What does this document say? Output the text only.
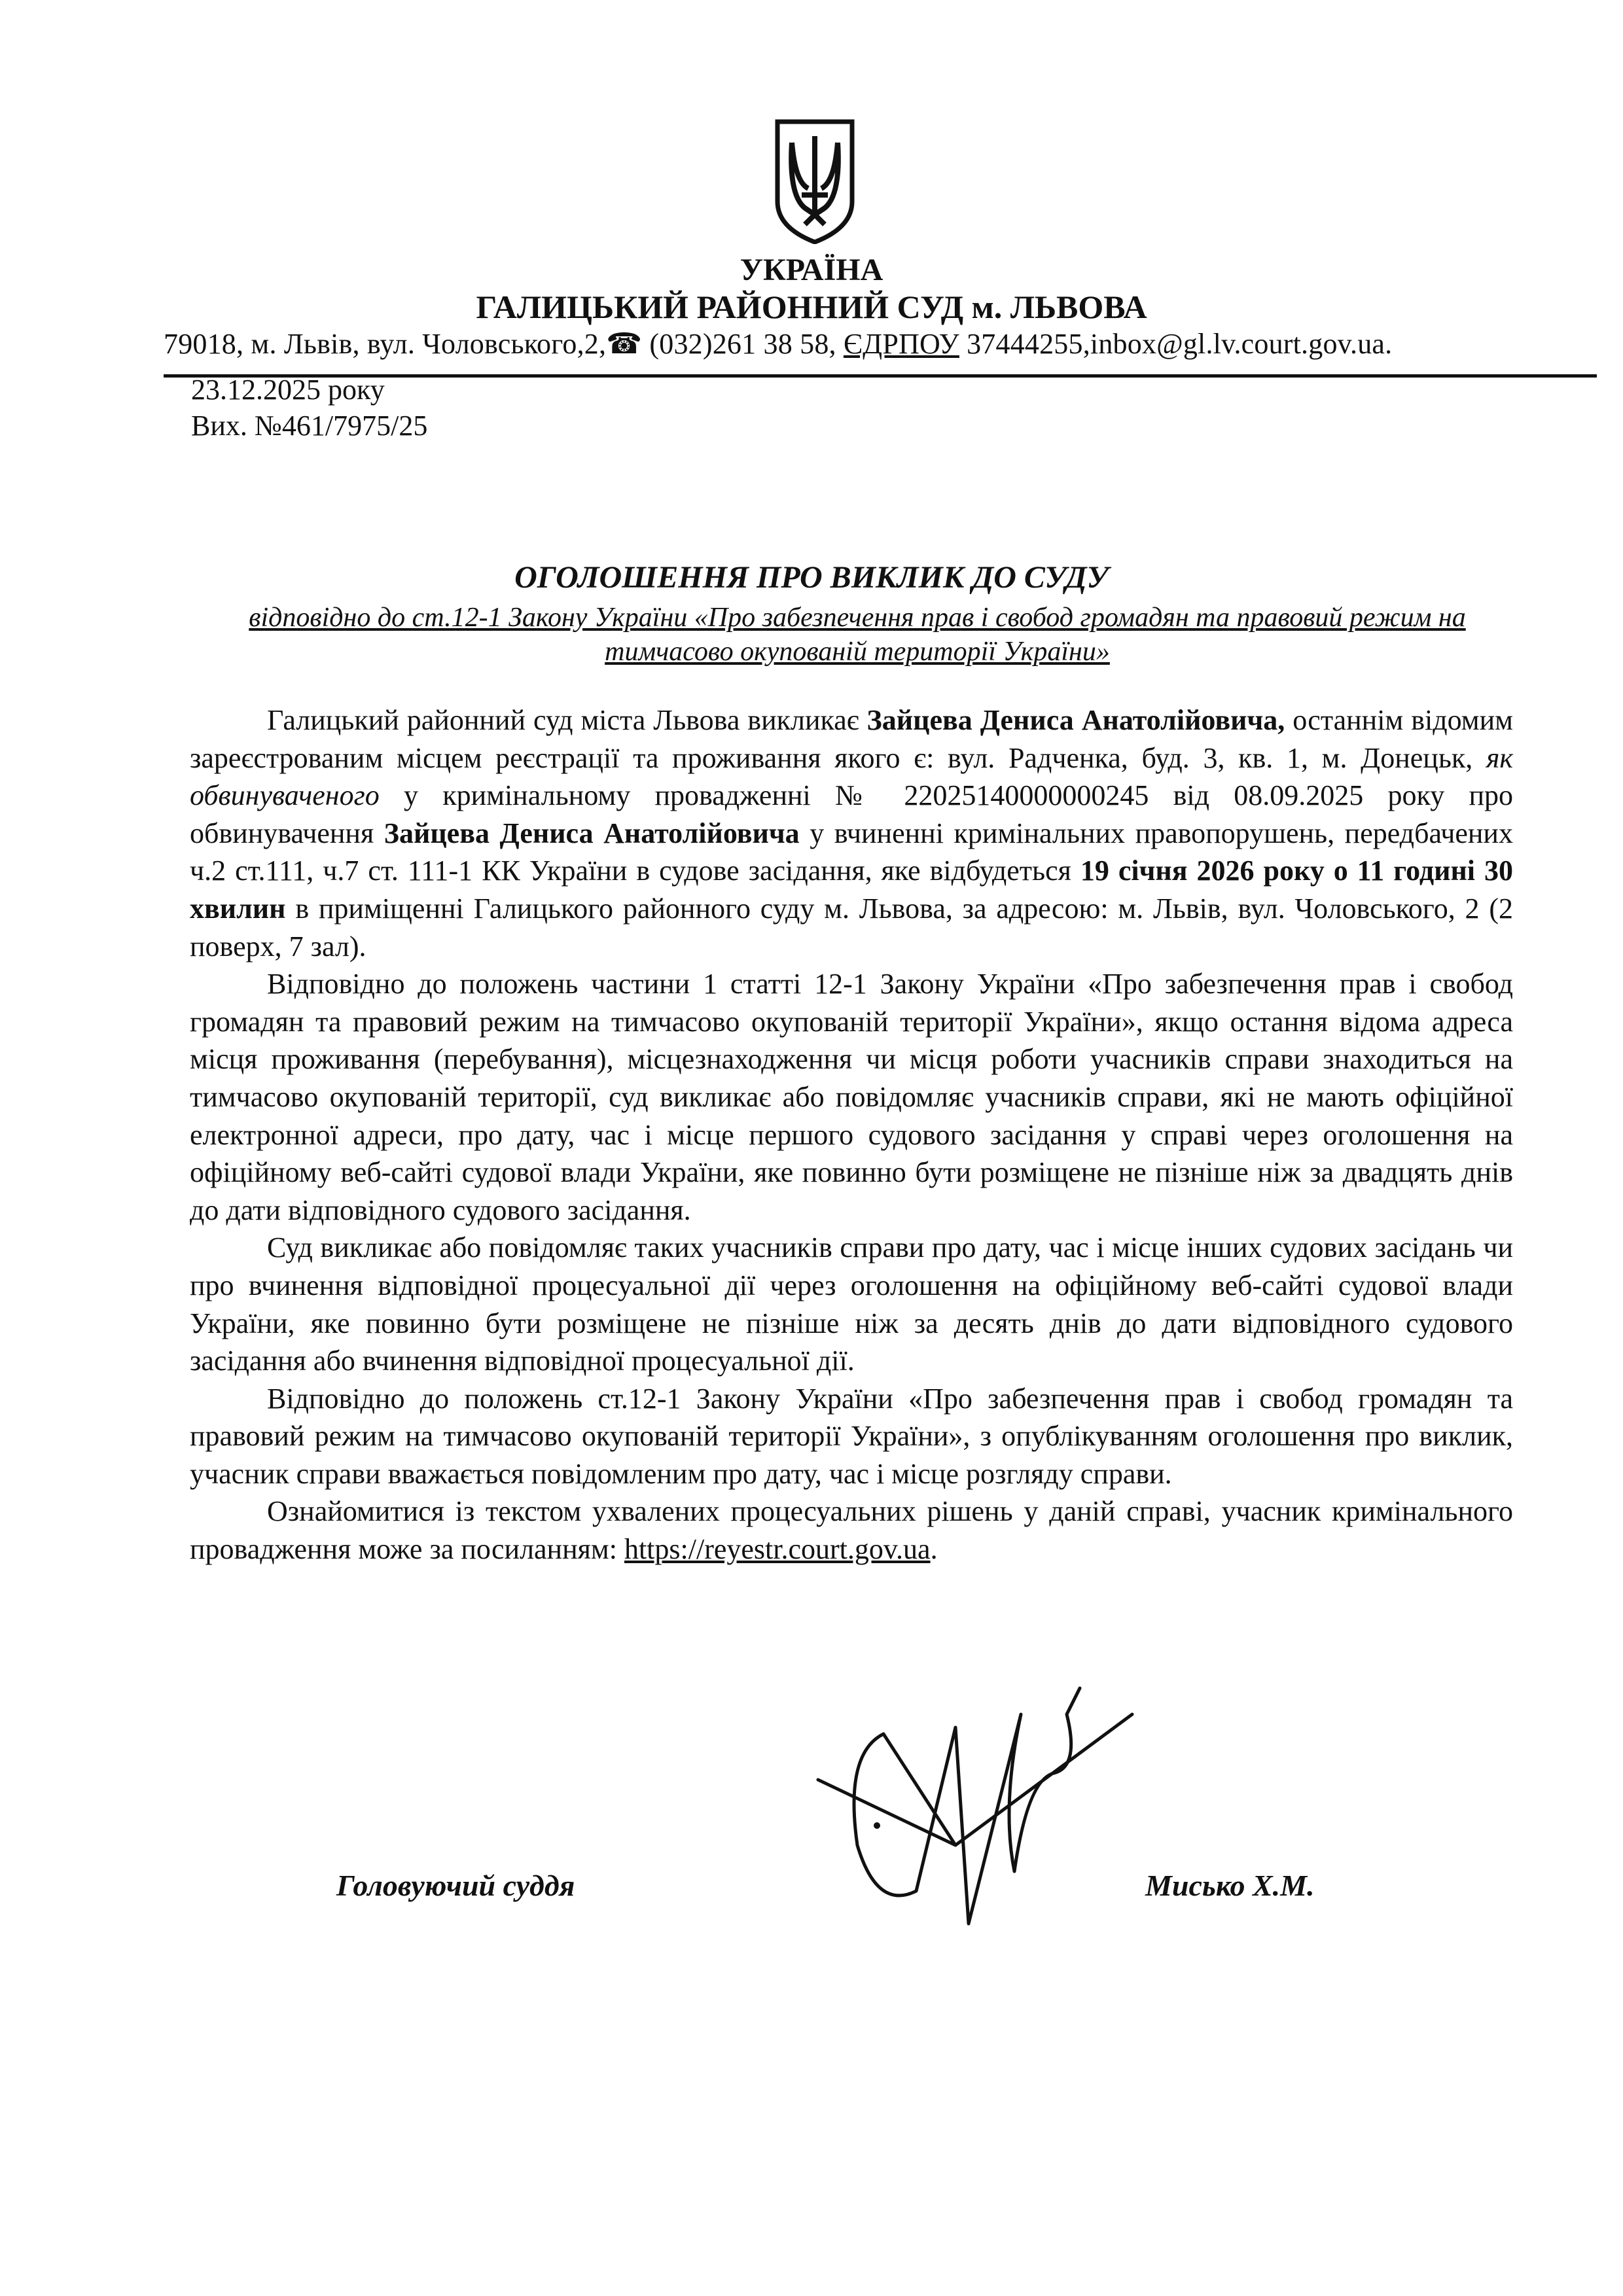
УКРАЇНА
ГАЛИЦЬКИЙ РАЙОННИЙ СУД м. ЛЬВОВА
79018, м. Львів, вул. Чоловського,2,☎ (032)261 38 58, ЄДРПОУ 37444255,inbox@gl.lv.court.gov.ua.
23.12.2025 року
Вих. №461/7975/25
ОГОЛОШЕННЯ ПРО ВИКЛИК ДО СУДУ
відповідно до ст.12-1 Закону України «Про забезпечення прав і свобод громадян та правовий режим на тимчасово окупованій території України»

Галицький районний суд міста Львова викликає Зайцева Дениса Анатолійовича, останнім відомим зареєстрованим місцем реєстрації та проживання якого є: вул. Радченка, буд. 3, кв. 1, м. Донецьк, як обвинуваченого у кримінальному провадженні № 22025140000000245 від 08.09.2025 року про обвинувачення Зайцева Дениса Анатолійовича у вчиненні кримінальних правопорушень, передбачених ч.2 ст.111, ч.7 ст. 111-1 КК України в судове засідання, яке відбудеться 19 січня 2026 року о 11 годині 30 хвилин в приміщенні Галицького районного суду м. Львова, за адресою: м. Львів, вул. Чоловського, 2 (2 поверх, 7 зал).

Відповідно до положень частини 1 статті 12-1 Закону України «Про забезпечення прав і свобод громадян та правовий режим на тимчасово окупованій території України», якщо остання відома адреса місця проживання (перебування), місцезнаходження чи місця роботи учасників справи знаходиться на тимчасово окупованій території, суд викликає або повідомляє учасників справи, які не мають офіційної електронної адреси, про дату, час і місце першого судового засідання у справі через оголошення на офіційному веб-сайті судової влади України, яке повинно бути розміщене не пізніше ніж за двадцять днів до дати відповідного судового засідання.

Суд викликає або повідомляє таких учасників справи про дату, час і місце інших судових засідань чи про вчинення відповідної процесуальної дії через оголошення на офіційному веб-сайті судової влади України, яке повинно бути розміщене не пізніше ніж за десять днів до дати відповідного судового засідання або вчинення відповідної процесуальної дії.

Відповідно до положень ст.12-1 Закону України «Про забезпечення прав і свобод громадян та правовий режим на тимчасово окупованій території України», з опублікуванням оголошення про виклик, учасник справи вважається повідомленим про дату, час і місце розгляду справи.

Ознайомитися із текстом ухвалених процесуальних рішень у даній справі, учасник кримінального провадження може за посиланням: https://reyestr.court.gov.ua.

Головуючий суддя	Мисько Х.М.
